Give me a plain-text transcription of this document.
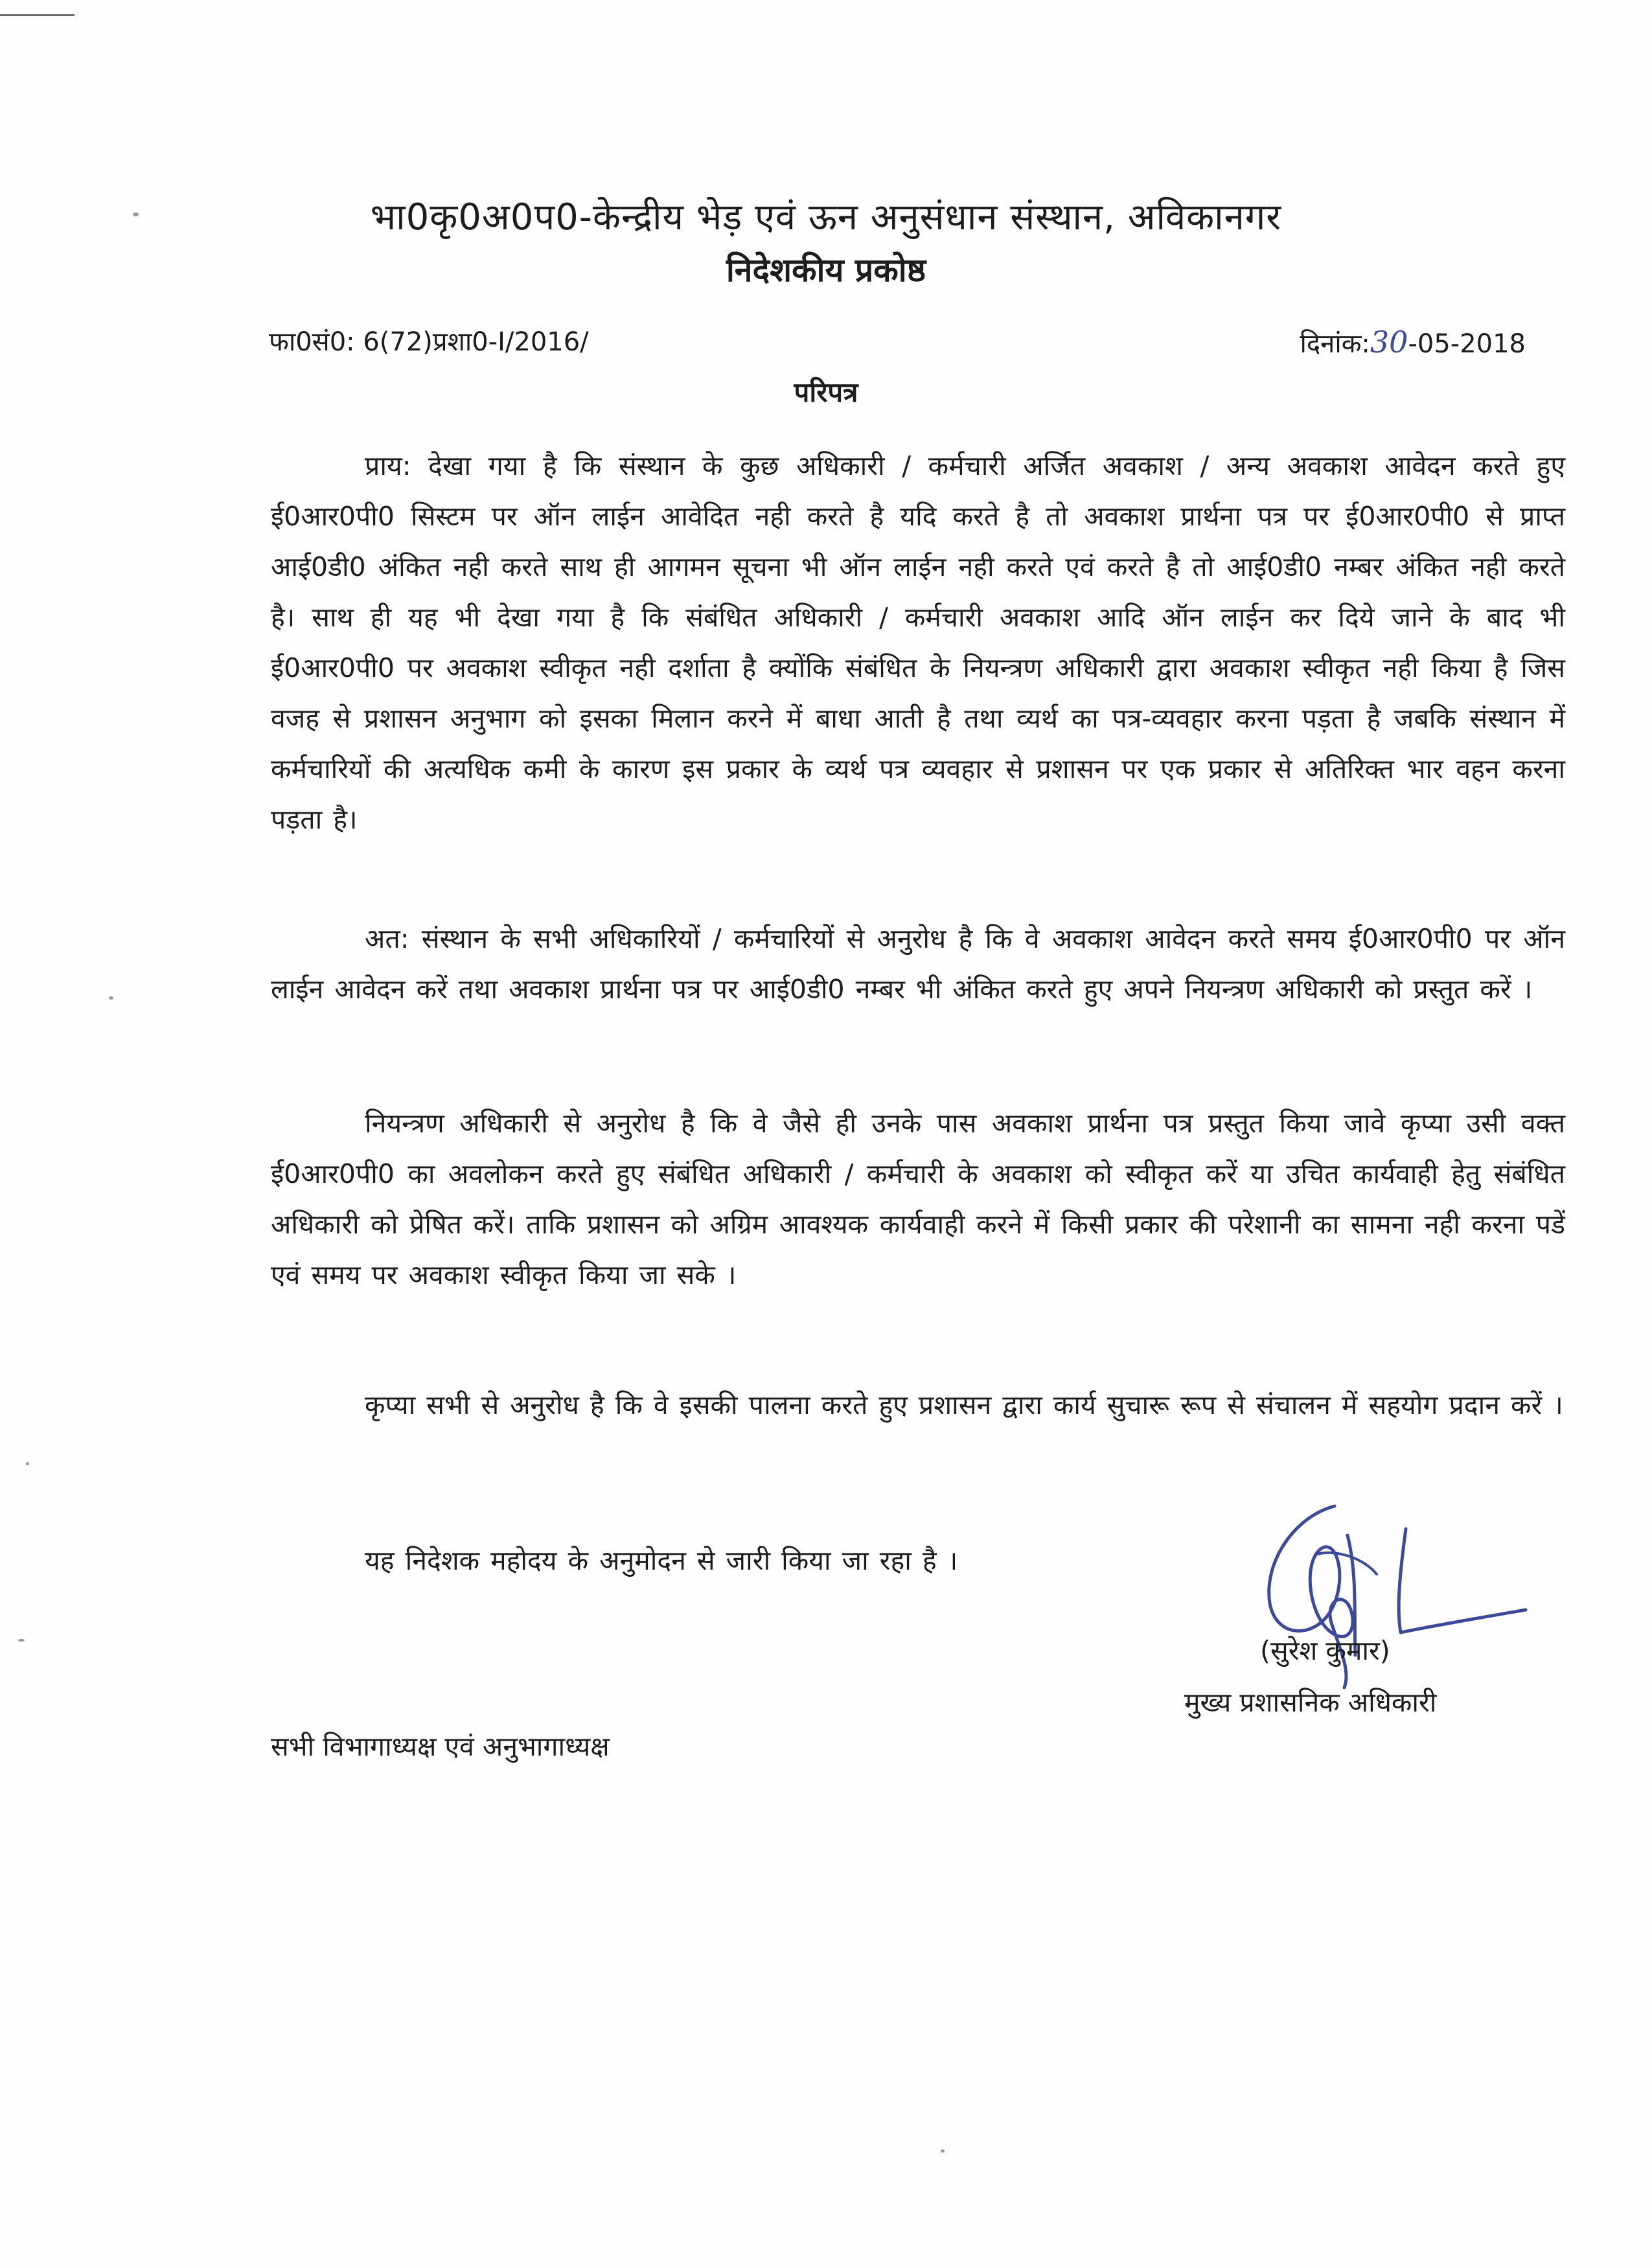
भा0कृ0अ0प0-केन्द्रीय भेड़ एवं ऊन अनुसंधान संस्थान, अविकानगर
निदेशकीय प्रकोष्ठ
फा0सं0: 6(72)प्रशा0-I/2016/	दिनांक:30-05-2018
परिपत्र

प्राय: देखा गया है कि संस्थान के कुछ अधिकारी / कर्मचारी अर्जित अवकाश / अन्य अवकाश आवेदन करते हुए ई0आर0पी0 सिस्टम पर ऑन लाईन आवेदित नही करते है यदि करते है तो अवकाश प्रार्थना पत्र पर ई0आर0पी0 से प्राप्त आई0डी0 अंकित नही करते साथ ही आगमन सूचना भी ऑन लाईन नही करते एवं करते है तो आई0डी0 नम्बर अंकित नही करते है। साथ ही यह भी देखा गया है कि संबंधित अधिकारी / कर्मचारी अवकाश आदि ऑन लाईन कर दिये जाने के बाद भी ई0आर0पी0 पर अवकाश स्वीकृत नही दर्शाता है क्योंकि संबंधित के नियन्त्रण अधिकारी द्वारा अवकाश स्वीकृत नही किया है जिस वजह से प्रशासन अनुभाग को इसका मिलान करने में बाधा आती है तथा व्यर्थ का पत्र-व्यवहार करना पड़ता है जबकि संस्थान में कर्मचारियों की अत्यधिक कमी के कारण इस प्रकार के व्यर्थ पत्र व्यवहार से प्रशासन पर एक प्रकार से अतिरिक्त भार वहन करना पड़ता है।

अत: संस्थान के सभी अधिकारियों / कर्मचारियों से अनुरोध है कि वे अवकाश आवेदन करते समय ई0आर0पी0 पर ऑन लाईन आवेदन करें तथा अवकाश प्रार्थना पत्र पर आई0डी0 नम्बर भी अंकित करते हुए अपने नियन्त्रण अधिकारी को प्रस्तुत करें ।

नियन्त्रण अधिकारी से अनुरोध है कि वे जैसे ही उनके पास अवकाश प्रार्थना पत्र प्रस्तुत किया जावे कृप्या उसी वक्त ई0आर0पी0 का अवलोकन करते हुए संबंधित अधिकारी / कर्मचारी के अवकाश को स्वीकृत करें या उचित कार्यवाही हेतु संबंधित अधिकारी को प्रेषित करें। ताकि प्रशासन को अग्रिम आवश्यक कार्यवाही करने में किसी प्रकार की परेशानी का सामना नही करना पडें एवं समय पर अवकाश स्वीकृत किया जा सके ।

कृप्या सभी से अनुरोध है कि वे इसकी पालना करते हुए प्रशासन द्वारा कार्य सुचारू रूप से संचालन में सहयोग प्रदान करें ।

यह निदेशक महोदय के अनुमोदन से जारी किया जा रहा है ।

(सुरेश कुमार)
मुख्य प्रशासनिक अधिकारी
सभी विभागाध्यक्ष एवं अनुभागाध्यक्ष
